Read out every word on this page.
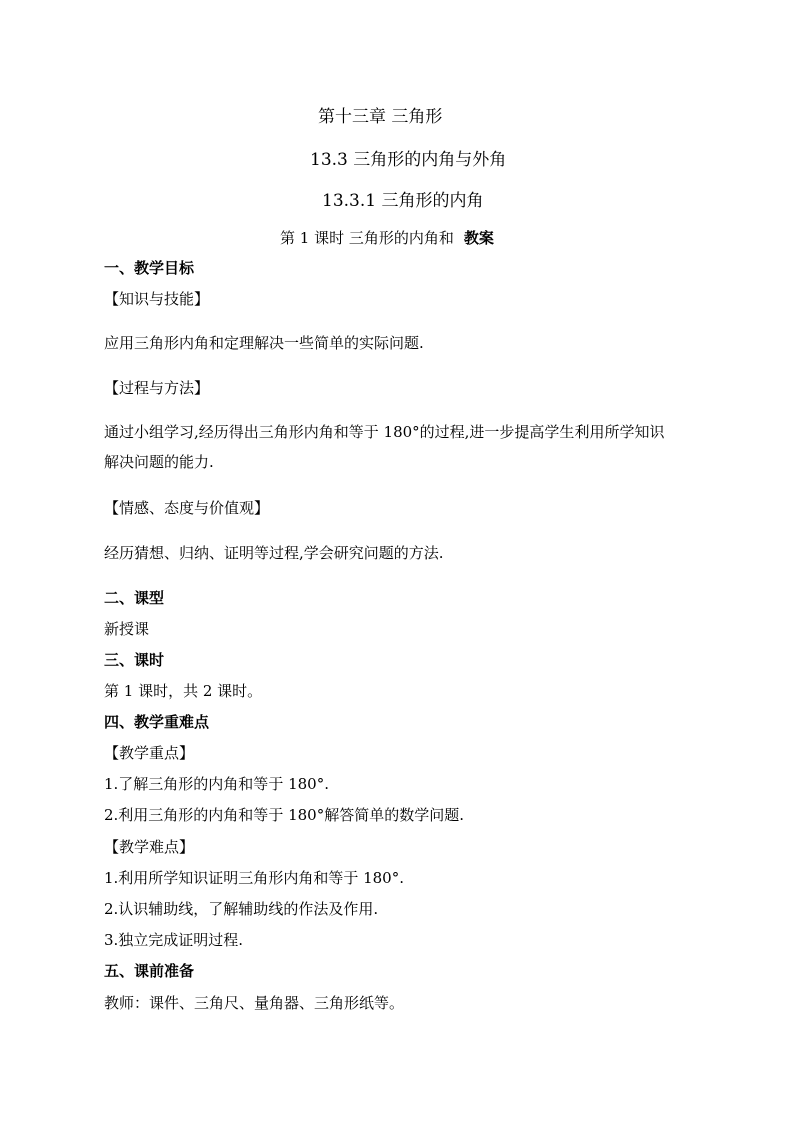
第十三章 三角形
13.3 三角形的内角与外角
13.3.1 三角形的内角
第 1 课时 三角形的内角和 教案
一、教学目标
【知识与技能】
应用三角形内角和定理解决一些简单的实际问题.
【过程与方法】
通过小组学习,经历得出三角形内角和等于 180°的过程,进一步提高学生利用所学知识
解决问题的能力.
【情感、态度与价值观】
经历猜想、归纳、证明等过程,学会研究问题的方法.
二、课型
新授课
三、课时
第 1 课时，共 2 课时。
四、教学重难点
【教学重点】
1.了解三角形的内角和等于 180°.
2.利用三角形的内角和等于 180°解答简单的数学问题.
【教学难点】
1.利用所学知识证明三角形内角和等于 180°.
2.认识辅助线，了解辅助线的作法及作用.
3.独立完成证明过程.
五、课前准备
教师：课件、三角尺、量角器、三角形纸等。
